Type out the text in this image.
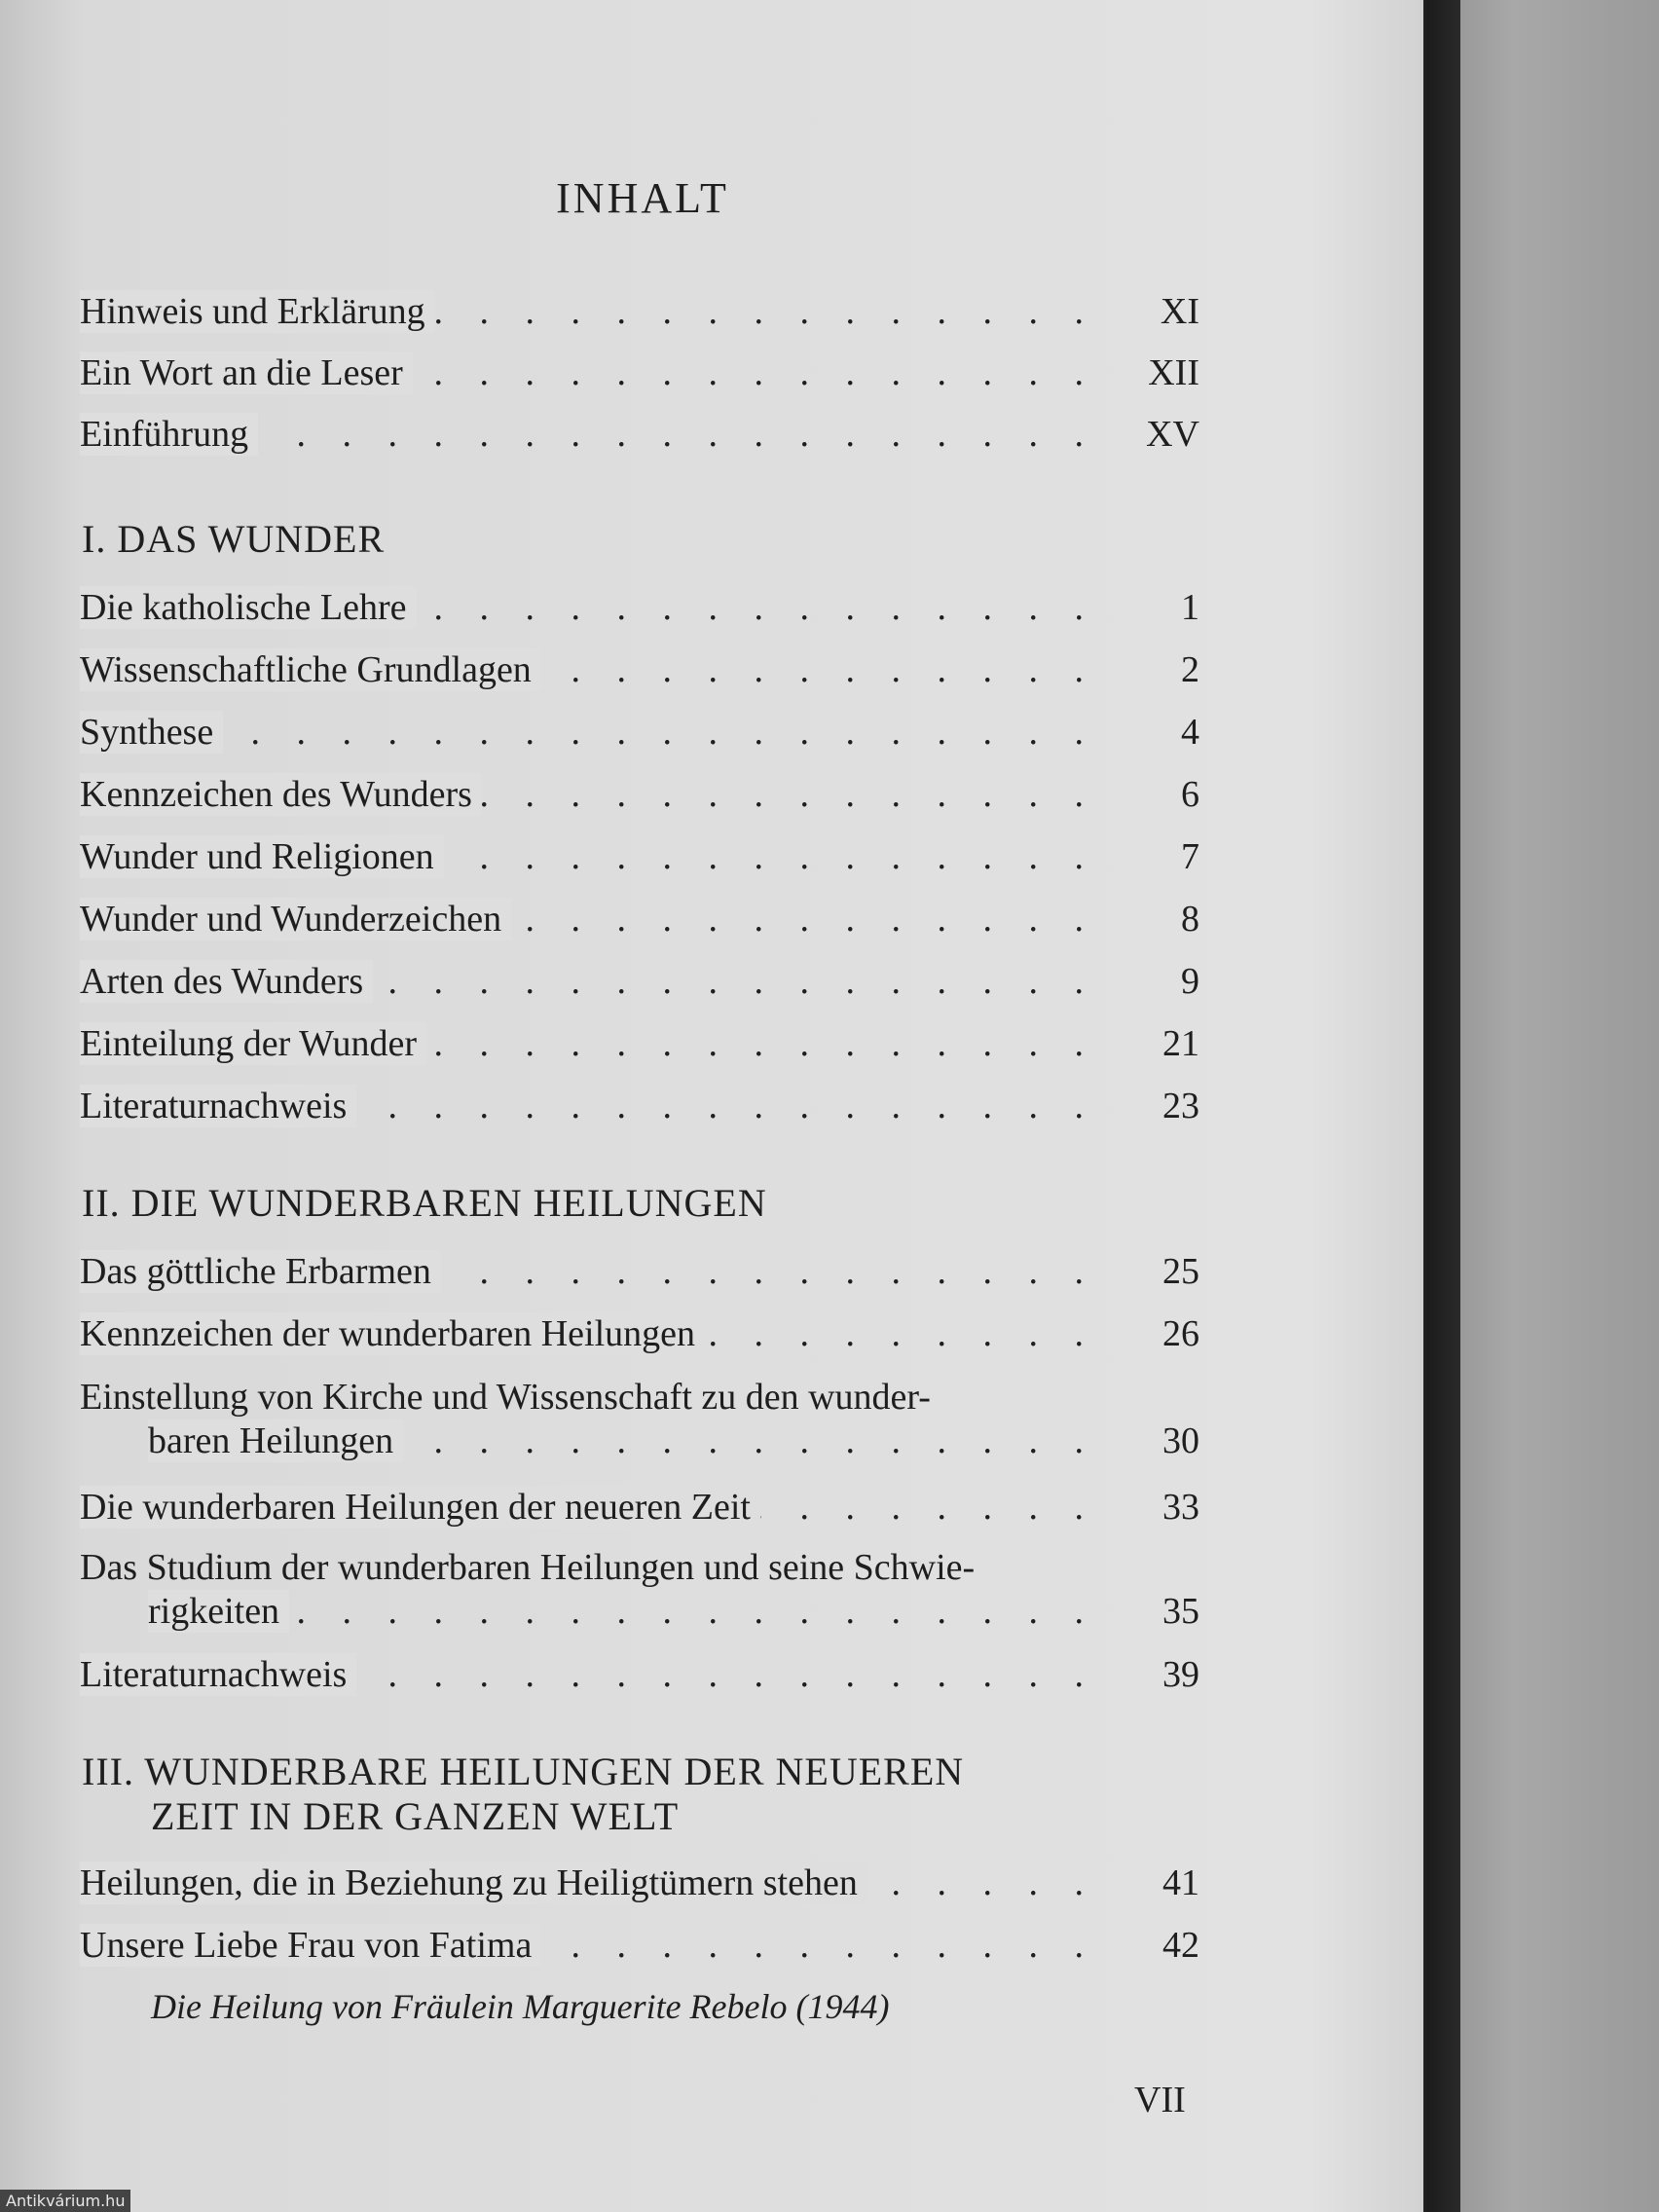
INHALT
. . .
Hinweis und Erklärung	XI
. . .
Ein Wort an die Leser	XII
. . .
Einführung	XV
I. DAS WUNDER
. . .
Die katholische Lehre	1
. . .
Wissenschaftliche Grundlagen	2
. . .
Synthese	4
. . .
Kennzeichen des Wunders	6
. . .
Wunder und Religionen	7
. . .
Wunder und Wunderzeichen	8
. . .
Arten des Wunders	9
. . .
Einteilung der Wunder	21
. . .
Literaturnachweis	23
II. DIE WUNDERBAREN HEILUNGEN
. . .
Das göttliche Erbarmen	25
. . .
Kennzeichen der wunderbaren Heilungen	26
Einstellung von Kirche und Wissenschaft zu den wunder-
. . .
baren Heilungen	30
. . .
Die wunderbaren Heilungen der neueren Zeit	33
Das Studium der wunderbaren Heilungen und seine Schwie-
. . .
rigkeiten	35
. . .
Literaturnachweis	39
III. WUNDERBARE HEILUNGEN DER NEUEREN
ZEIT IN DER GANZEN WELT
. . .
Heilungen, die in Beziehung zu Heiligtümern stehen	41
. . .
Unsere Liebe Frau von Fatima	42
Die Heilung von Fräulein Marguerite Rebelo (1944)
VII
Antikvárium.hu
